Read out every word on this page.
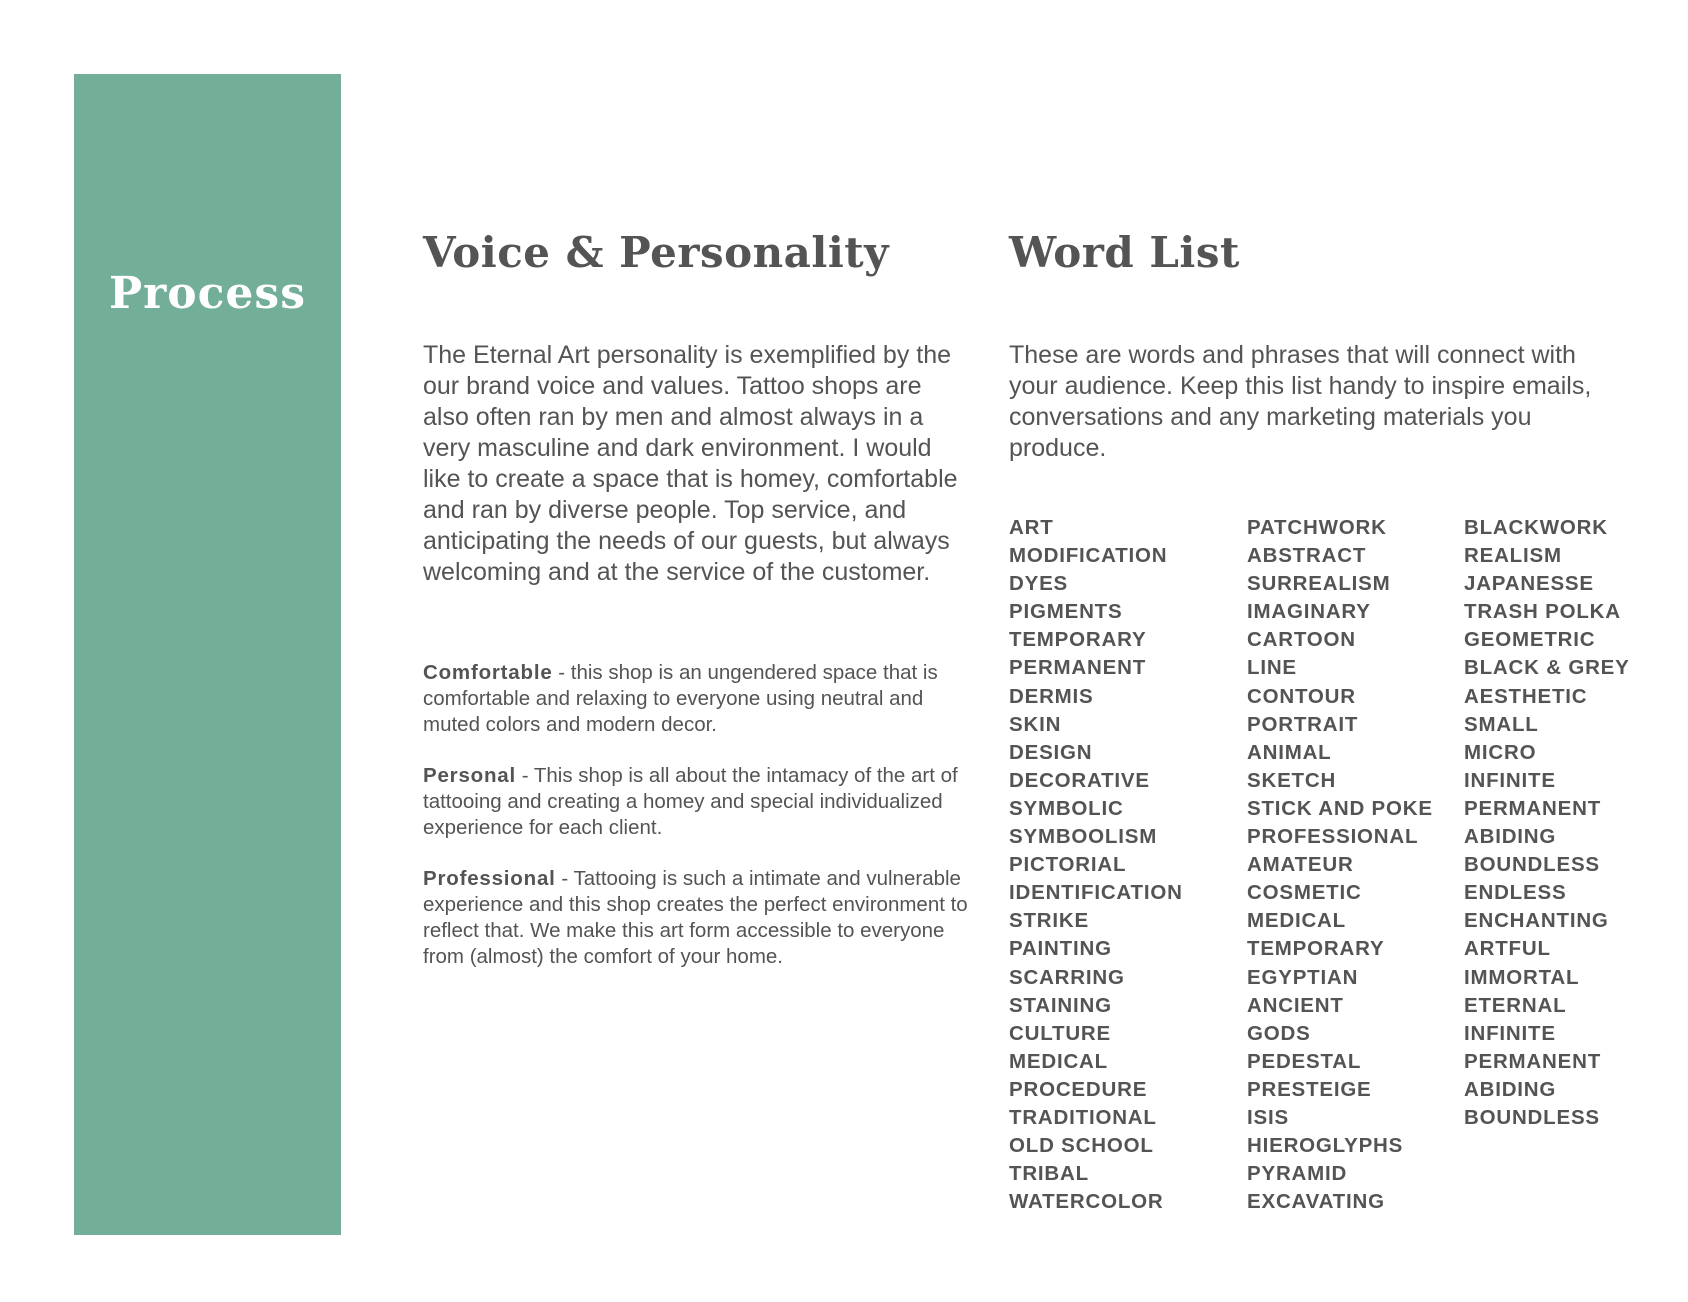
Process
Voice & Personality	Word List

The Eternal Art personality is exemplified by the our brand voice and values. Tattoo shops are also often ran by men and almost always in a very masculine and dark environment. I would like to create a space that is homey, comfortable and ran by diverse people. Top service, and anticipating the needs of our guests, but always welcoming and at the service of the customer.

These are words and phrases that will connect with your audience. Keep this list handy to inspire emails, conversations and any marketing materials you produce.

Comfortable - this shop is an ungendered space that is comfortable and relaxing to everyone using neutral and muted colors and modern decor.

Personal - This shop is all about the intamacy of the art of tattooing and creating a homey and special individualized experience for each client.

Professional - Tattooing is such a intimate and vulnerable experience and this shop creates the perfect environment to reflect that. We make this art form accessible to everyone from (almost) the comfort of your home.

ART
MODIFICATION
DYES
PIGMENTS
TEMPORARY
PERMANENT
DERMIS
SKIN
DESIGN
DECORATIVE
SYMBOLIC
SYMBOOLISM
PICTORIAL
IDENTIFICATION
STRIKE
PAINTING
SCARRING
STAINING
CULTURE
MEDICAL
PROCEDURE
TRADITIONAL
OLD SCHOOL
TRIBAL
WATERCOLOR
PATCHWORK
ABSTRACT
SURREALISM
IMAGINARY
CARTOON
LINE
CONTOUR
PORTRAIT
ANIMAL
SKETCH
STICK AND POKE
PROFESSIONAL
AMATEUR
COSMETIC
MEDICAL
TEMPORARY
EGYPTIAN
ANCIENT
GODS
PEDESTAL
PRESTEIGE
ISIS
HIEROGLYPHS
PYRAMID
EXCAVATING
BLACKWORK
REALISM
JAPANESSE
TRASH POLKA
GEOMETRIC
BLACK & GREY
AESTHETIC
SMALL
MICRO
INFINITE
PERMANENT
ABIDING
BOUNDLESS
ENDLESS
ENCHANTING
ARTFUL
IMMORTAL
ETERNAL
INFINITE
PERMANENT
ABIDING
BOUNDLESS
